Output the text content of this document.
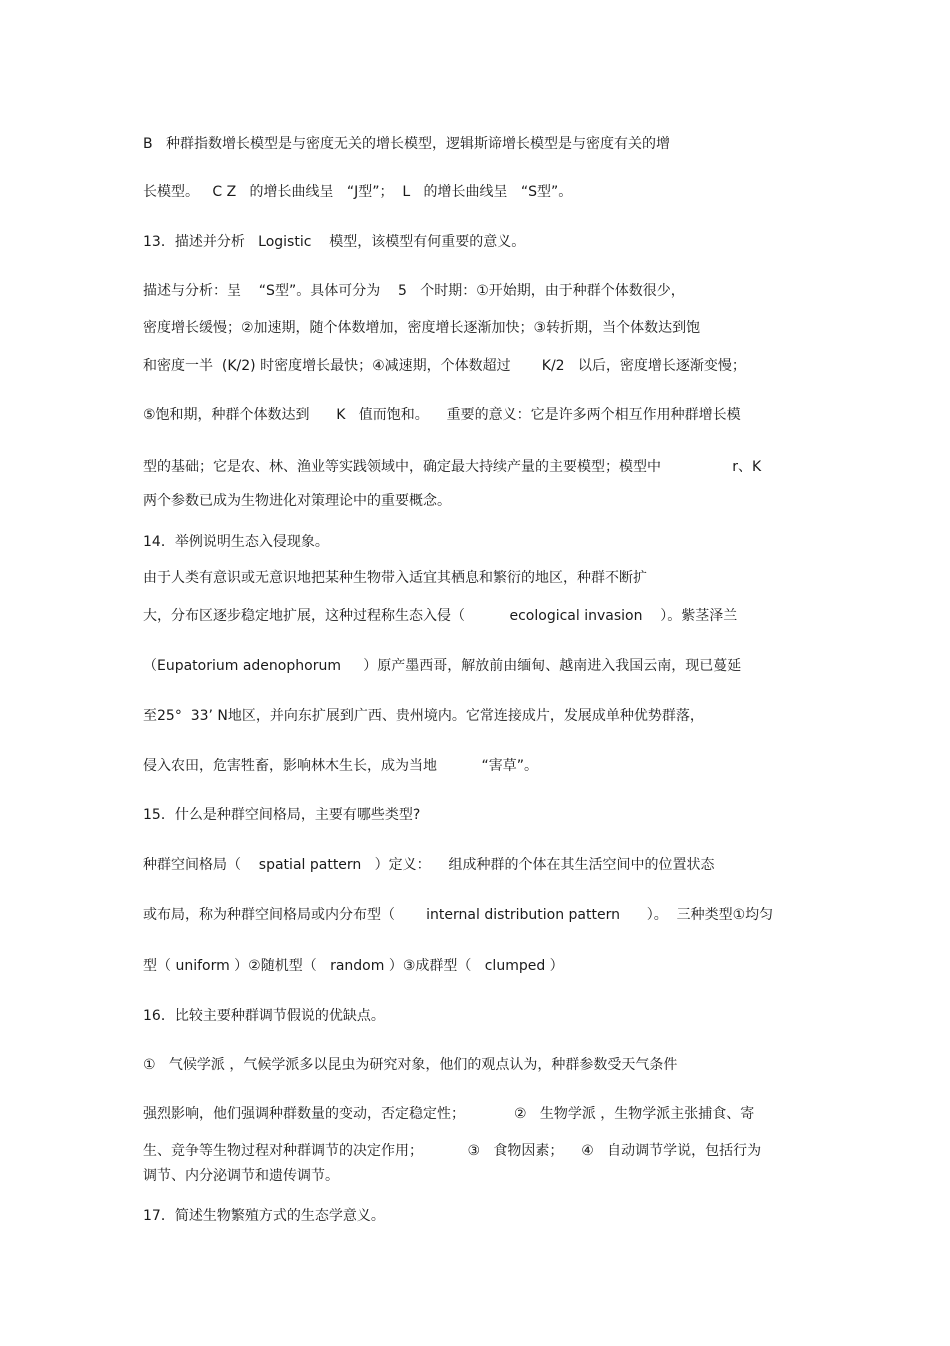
B   种群指数增长模型是与密度无关的增长模型，逻辑斯谛增长模型是与密度有关的增
长模型。   C Z   的增长曲线呈   “J型”；  L   的增长曲线呈   “S型”。
13．描述并分析   Logistic    模型，该模型有何重要的意义。
描述与分析：呈    “S型”。具体可分为    5   个时期：①开始期，由于种群个体数很少，
密度增长缓慢；②加速期，随个体数增加，密度增长逐渐加快；③转折期，当个体数达到饱
和密度一半  (K/2) 时密度增长最快；④减速期，个体数超过       K/2   以后，密度增长逐渐变慢；
⑤饱和期，种群个体数达到      K   值而饱和。    重要的意义：它是许多两个相互作用种群增长模
型的基础；它是农、林、渔业等实践领域中，确定最大持续产量的主要模型；模型中                r、K
两个参数已成为生物进化对策理论中的重要概念。
14．举例说明生态入侵现象。
由于人类有意识或无意识地把某种生物带入适宜其栖息和繁衍的地区，种群不断扩
大，分布区逐步稳定地扩展，这种过程称生态入侵（          ecological invasion    ）。紫茎泽兰
（Eupatorium adenophorum     ）原产墨西哥，解放前由缅甸、越南进入我国云南，现已蔓延
至25°  33’ N地区，并向东扩展到广西、贵州境内。它常连接成片，发展成单种优势群落，
侵入农田，危害牲畜，影响林木生长，成为当地          “害草”。
15．什么是种群空间格局，主要有哪些类型?
种群空间格局（    spatial pattern   ）定义：    组成种群的个体在其生活空间中的位置状态
或布局，称为种群空间格局或内分布型（       internal distribution pattern      ）。  三种类型①均匀
型（ uniform ）②随机型（   random ）③成群型（   clumped ）
16．比较主要种群调节假说的优缺点。
①   气候学派 ，气候学派多以昆虫为研究对象，他们的观点认为，种群参数受天气条件
强烈影响，他们强调种群数量的变动，否定稳定性；           ②   生物学派 ，生物学派主张捕食、寄
生、竞争等生物过程对种群调节的决定作用；          ③   食物因素；    ④   自动调节学说，包括行为
调节、内分泌调节和遗传调节。
17．简述生物繁殖方式的生态学意义。
